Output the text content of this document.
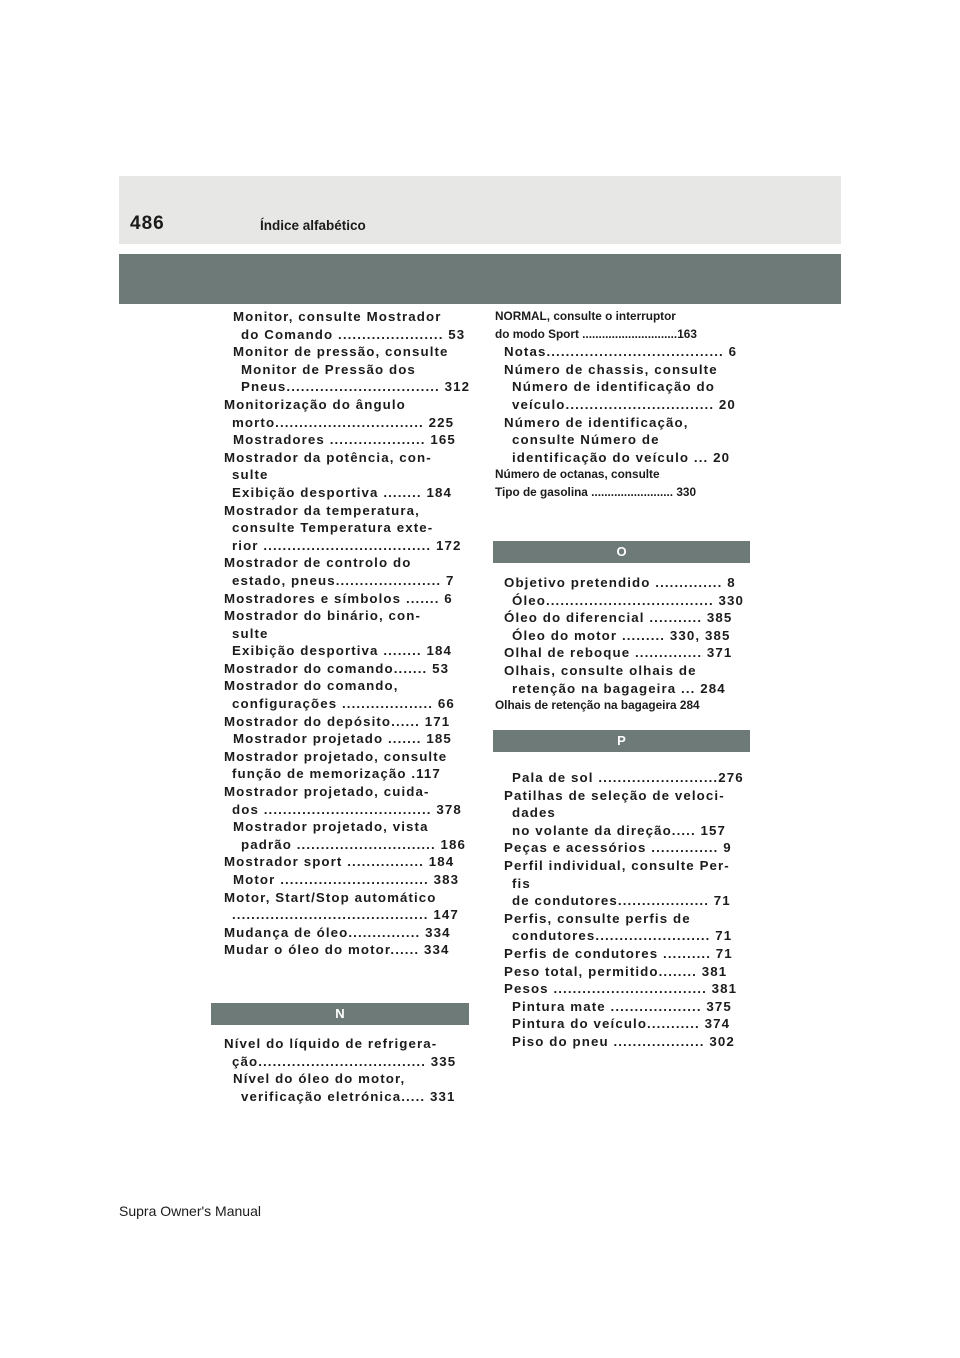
486	Índice alfabético
Monitor, consulte Mostrador
do Comando ...................... 53
Monitor de pressão, consulte
Monitor de Pressão dos
Pneus................................ 312
Monitorização do ângulo
morto............................... 225
Mostradores .................... 165
Mostrador da potência, con-
sulte
Exibição desportiva ........ 184
Mostrador da temperatura,
consulte Temperatura exte-
rior ................................... 172
Mostrador de controlo do
estado, pneus...................... 7
Mostradores e símbolos ....... 6
Mostrador do binário, con-
sulte
Exibição desportiva ........ 184
Mostrador do comando....... 53
Mostrador do comando,
configurações ................... 66
Mostrador do depósito...... 171
Mostrador projetado ....... 185
Mostrador projetado, consulte
função de memorização .117
Mostrador projetado, cuida-
dos ................................... 378
Mostrador projetado, vista
padrão ............................. 186
Mostrador sport ................ 184
Motor ............................... 383
Motor, Start/Stop automático
......................................... 147
Mudança de óleo............... 334
Mudar o óleo do motor...... 334
N
Nível do líquido de refrigera-
ção................................... 335
Nível do óleo do motor,
verificação eletrónica..... 331
NORMAL, consulte o interruptor
do modo Sport .............................163
Notas..................................... 6
Número de chassis, consulte
Número de identificação do
veículo............................... 20
Número de identificação,
consulte Número de
identificação do veículo ... 20
Número de octanas, consulte
Tipo de gasolina ......................... 330
O
Objetivo pretendido .............. 8
Óleo................................... 330
Óleo do diferencial ........... 385
Óleo do motor ......... 330, 385
Olhal de reboque .............. 371
Olhais, consulte olhais de
retenção na bagageira ... 284
Olhais de retenção na bagageira 284
P
Pala de sol .........................276
Patilhas de seleção de veloci-
dades
no volante da direção..... 157
Peças e acessórios .............. 9
Perfil individual, consulte Per-
fis
de condutores................... 71
Perfis, consulte perfis de
condutores........................ 71
Perfis de condutores .......... 71
Peso total, permitido........ 381
Pesos ................................ 381
Pintura mate ................... 375
Pintura do veículo........... 374
Piso do pneu ................... 302
Supra Owner's Manual
